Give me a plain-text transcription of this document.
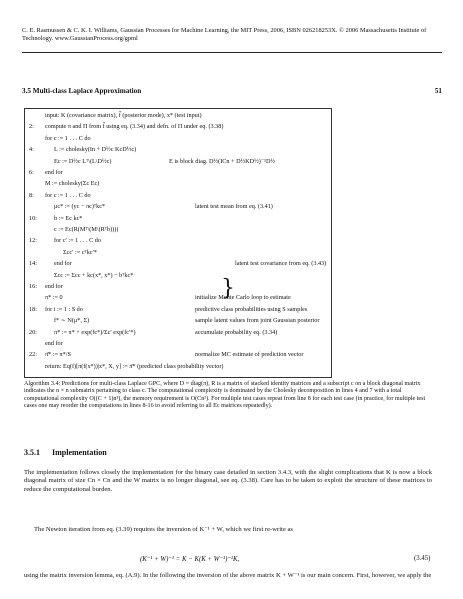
C. E. Rasmussen & C. K. I. Williams, Gaussian Processes for Machine Learning, the MIT Press, 2006, ISBN 026218253X. © 2006 Massachusetts Institute of Technology. www.GaussianProcess.org/gpml
3.5 Multi-class Laplace Approximation	51
input: K (covariance matrix), f̂ (posterior mode), x* (test input)
2:	compute π and Π from f̂ using eq. (3.34) and defn. of Π under eq. (3.38)
for c := 1 . . . C do
4:	L := cholesky(In + D½c KcD½c)
Ec := D½c Lᵀ\(L\D½c)	E is block diag. D½(ICn + D½KD½)⁻¹D½
6:	end for
M := cholesky(Σc Ec)
8:	for c := 1 . . . C do
μc* := (yc − πc)ᵀkc*	latent test mean from eq. (3.41)
10:	b := Ec kc*
c := Ec(R(Mᵀ\(M\(Rᵀb))))
12:	for c′ := 1 . . . C do
Σcc′ := cᵀkc′*
14:	end for	latent test covariance from eq. (3.43)
Σcc := Σcc + kc(x*, x*) − bᵀkc*
16:	end for
π* := 0	initialize Monte Carlo loop to estimate
18:	for i := 1 : S do	predictive class probabilities using S samples
f* ∼ N(μ*, Σ)	sample latent values from joint Gaussian posterior
20:	π* := π* + exp(fc*)/Σc′ exp(fc′*)	accumulate probability eq. (3.34)
end for
22:	π̄* := π*/S	normalize MC estimate of prediction vector
return: Eq(f)[π(f(x*))|x*, X, y] := π̄* (predicted class probability vector)
}
Algorithm 3.4: Predictions for multi-class Laplace GPC, where D = diag(π), R is a matrix of stacked identity matrices and a subscript c on a block diagonal matrix indicates the n × n submatrix pertaining to class c. The computational complexity is dominated by the Cholesky decomposition in lines 4 and 7 with a total computational complexity O((C + 1)n³), the memory requirement is O(Cn²). For multiple test cases repeat from line 8 for each test case (in practice, for multiple test cases one may reorder the computations in lines 8-16 to avoid referring to all Ec matrices repeatedly).
3.5.1 Implementation
The implementation follows closely the implementation for the binary case detailed in section 3.4.3, with the slight complications that K is now a block diagonal matrix of size Cn × Cn and the W matrix is no longer diagonal, see eq. (3.38). Care has to be taken to exploit the structure of these matrices to reduce the computational burden.
The Newton iteration from eq. (3.39) requires the inversion of K⁻¹ + W, which we first re-write as
(K⁻¹ + W)⁻¹ = K − K(K + W⁻¹)⁻¹K,	(3.45)
using the matrix inversion lemma, eq. (A.9). In the following the inversion of the above matrix K + W⁻¹ is our main concern. First, however, we apply the
